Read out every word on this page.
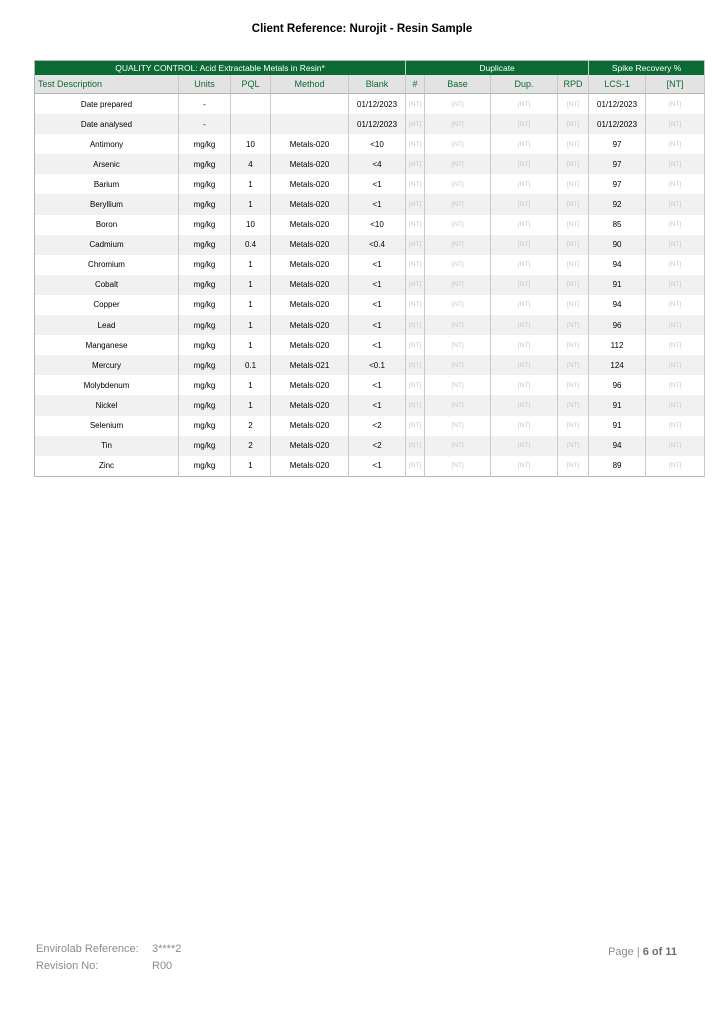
Client Reference: Nurojit - Resin Sample
QUALITY CONTROL: Acid Extractable Metals in Resin*					Duplicate				Spike Recovery %	
Test Description	Units	PQL	Method	Blank	#	Base	Dup.	RPD	LCS-1	[NT]
Date prepared	-			01/12/2023	[NT]	[NT]	[NT]	[NT]	01/12/2023	[NT]
Date analysed	-			01/12/2023	[NT]	[NT]	[NT]	[NT]	01/12/2023	[NT]
Antimony	mg/kg	10	Metals-020	<10	[NT]	[NT]	[NT]	[NT]	97	[NT]
Arsenic	mg/kg	4	Metals-020	<4	[NT]	[NT]	[NT]	[NT]	97	[NT]
Barium	mg/kg	1	Metals-020	<1	[NT]	[NT]	[NT]	[NT]	97	[NT]
Beryllium	mg/kg	1	Metals-020	<1	[NT]	[NT]	[NT]	[NT]	92	[NT]
Boron	mg/kg	10	Metals-020	<10	[NT]	[NT]	[NT]	[NT]	85	[NT]
Cadmium	mg/kg	0.4	Metals-020	<0.4	[NT]	[NT]	[NT]	[NT]	90	[NT]
Chromium	mg/kg	1	Metals-020	<1	[NT]	[NT]	[NT]	[NT]	94	[NT]
Cobalt	mg/kg	1	Metals-020	<1	[NT]	[NT]	[NT]	[NT]	91	[NT]
Copper	mg/kg	1	Metals-020	<1	[NT]	[NT]	[NT]	[NT]	94	[NT]
Lead	mg/kg	1	Metals-020	<1	[NT]	[NT]	[NT]	[NT]	96	[NT]
Manganese	mg/kg	1	Metals-020	<1	[NT]	[NT]	[NT]	[NT]	112	[NT]
Mercury	mg/kg	0.1	Metals-021	<0.1	[NT]	[NT]	[NT]	[NT]	124	[NT]
Molybdenum	mg/kg	1	Metals-020	<1	[NT]	[NT]	[NT]	[NT]	96	[NT]
Nickel	mg/kg	1	Metals-020	<1	[NT]	[NT]	[NT]	[NT]	91	[NT]
Selenium	mg/kg	2	Metals-020	<2	[NT]	[NT]	[NT]	[NT]	91	[NT]
Tin	mg/kg	2	Metals-020	<2	[NT]	[NT]	[NT]	[NT]	94	[NT]
Zinc	mg/kg	1	Metals-020	<1	[NT]	[NT]	[NT]	[NT]	89	[NT]
Envirolab Reference: 3****2
Revision No:	R00
Page | 6 of 11
